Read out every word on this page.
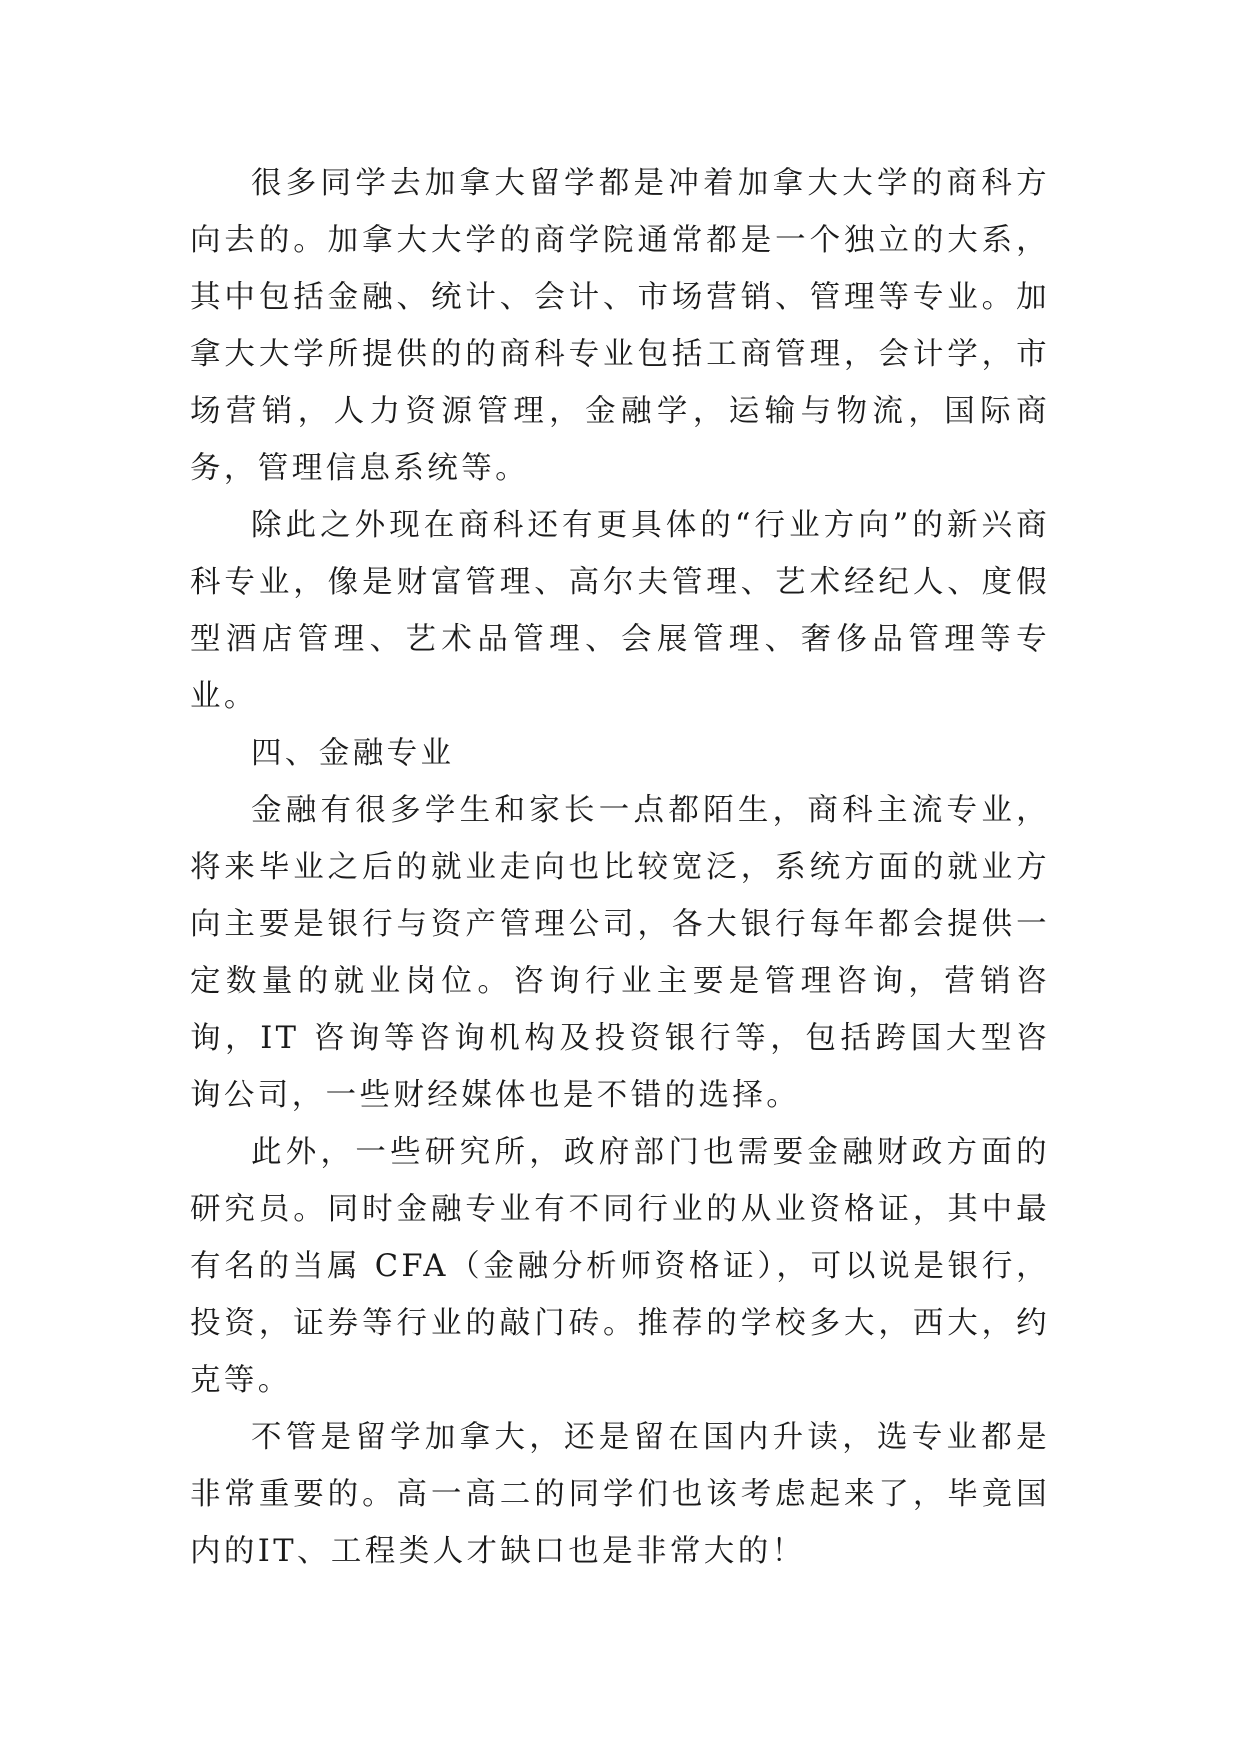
很多同学去加拿大留学都是冲着加拿大大学的商科方向去的。加拿大大学的商学院通常都是一个独立的大系，其中包括金融、统计、会计、市场营销、管理等专业。加拿大大学所提供的的商科专业包括工商管理，会计学，市场营销，人力资源管理，金融学，运输与物流，国际商务，管理信息系统等。

除此之外现在商科还有更具体的“行业方向”的新兴商科专业，像是财富管理、高尔夫管理、艺术经纪人、度假型酒店管理、艺术品管理、会展管理、奢侈品管理等专业。

四、金融专业

金融有很多学生和家长一点都陌生，商科主流专业，将来毕业之后的就业走向也比较宽泛，系统方面的就业方向主要是银行与资产管理公司，各大银行每年都会提供一定数量的就业岗位。咨询行业主要是管理咨询，营销咨询，IT 咨询等咨询机构及投资银行等，包括跨国大型咨询公司，一些财经媒体也是不错的选择。

此外，一些研究所，政府部门也需要金融财政方面的研究员。同时金融专业有不同行业的从业资格证，其中最有名的当属 CFA（金融分析师资格证），可以说是银行，投资，证券等行业的敲门砖。推荐的学校多大，西大，约克等。

不管是留学加拿大，还是留在国内升读，选专业都是非常重要的。高一高二的同学们也该考虑起来了，毕竟国内的IT、工程类人才缺口也是非常大的！
